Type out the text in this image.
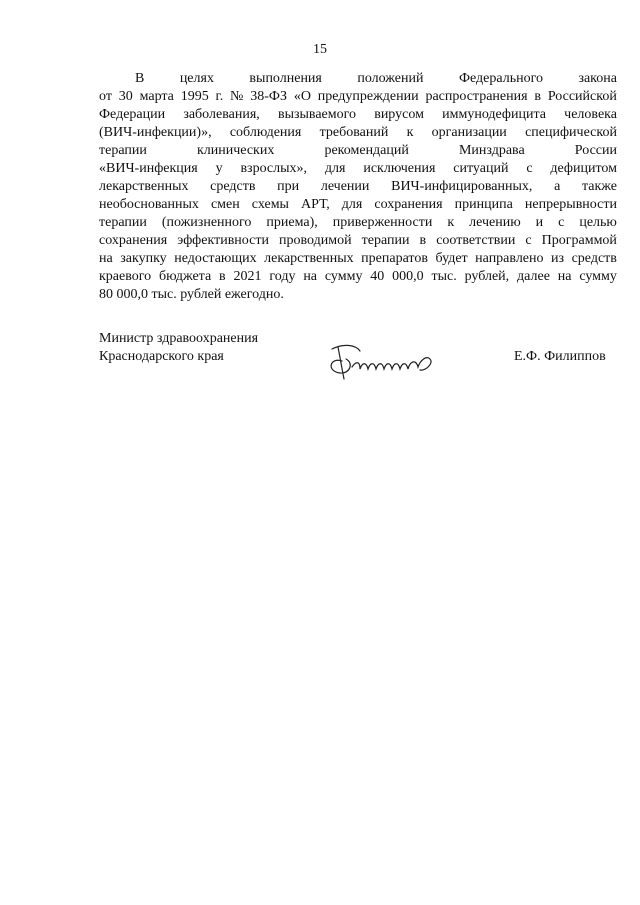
15
В	целях	выполнения	положений	Федерального	закона
от 30 марта 1995 г. № 38-ФЗ «О предупреждении распространения в Российской
Федерации заболевания, вызываемого вирусом иммунодефицита человека
(ВИЧ-инфекции)», соблюдения требований к организации специфической
терапии	клинических	рекомендаций	Минздрава	России
«ВИЧ-инфекция у взрослых», для исключения ситуаций с дефицитом
лекарственных средств при лечении ВИЧ-инфицированных, а также
необоснованных смен схемы АРТ, для сохранения принципа непрерывности
терапии (пожизненного приема), приверженности к лечению и с целью
сохранения эффективности проводимой терапии в соответствии с Программой
на закупку недостающих лекарственных препаратов будет направлено из средств
краевого бюджета в 2021 году на сумму 40 000,0 тыс. рублей, далее на сумму
80 000,0 тыс. рублей ежегодно.
Министр здравоохранения
Краснодарского края	Е.Ф. Филиппов
